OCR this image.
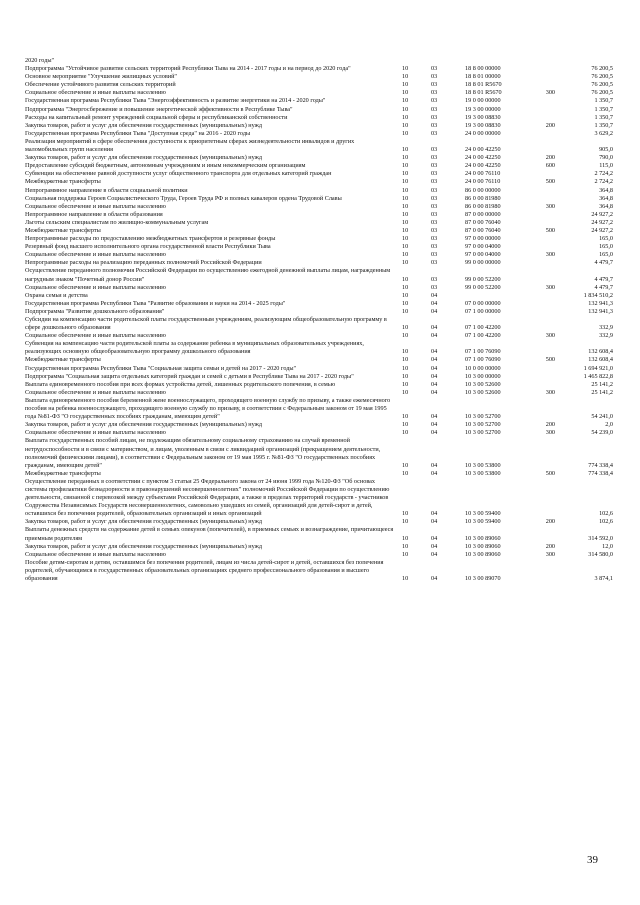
2020 годы"
Подпрограмма "Устойчивое развитие сельских территорий Республики Тыва на 2014 - 2017 годы и на период до 2020 года"	10	03	18 8 00 00000	76 200,5
Основное мероприятие "Улучшение жилищных условий"	10	03	18 8 01 00000	76 200,5
Обеспечение устойчивого развития сельских территорий	10	03	18 8 01 R5670	76 200,5
Социальное обеспечение и иные выплаты населению	10	03	18 8 01 R5670	300	76 200,5
Государственная программа Республики Тыва "Энергоэффективность и развитие энергетики на 2014 - 2020 годы"	10	03	19 0 00 00000	1 350,7
Подпрограмма "Энергосбережение и повышение энергетической эффективности в Республике Тыва"	10	03	19 3 00 00000	1 350,7
Расходы на капитальный ремонт учреждений социальной сферы и республиканской собственности	10	03	19 3 00 08830	1 350,7
Закупка товаров, работ и услуг для обеспечения государственных (муниципальных) нужд	10	03	19 3 00 08830	200	1 350,7
Государственная программа Республики Тыва "Доступная среда" на 2016 - 2020 годы	10	03	24 0 00 00000	3 629,2
Реализация мероприятий в сфере обеспечения доступности к приоритетным сферах жизнедеятельности инвалидов и других маломобильных групп населения	10	03	24 0 00 42250	905,0
Закупка товаров, работ и услуг для обеспечения государственных (муниципальных) нужд	10	03	24 0 00 42250	200	790,0
Предоставление субсидий бюджетным, автономным учреждениям и иным некоммерческим организациям	10	03	24 0 00 42250	600	115,0
Субвенции на обеспечение равной доступности услуг общественного транспорта для отдельных категорий граждан	10	03	24 0 00 76110	2 724,2
Межбюджетные трансферты	10	03	24 0 00 76110	500	2 724,2
Непрограммное направление в области социальной политики	10	03	86 0 00 00000	364,8
Социальная поддержка Героев Социалистического Труда, Героев Труда РФ и полных кавалеров ордена Трудовой Славы	10	03	86 0 00 81980	364,8
Социальное обеспечение и иные выплаты населению	10	03	86 0 00 81980	300	364,8
Непрограммное направление в области образования	10	03	87 0 00 00000	24 927,2
Льготы сельским специалистам по жилищно-коммунальным услугам	10	03	87 0 00 76040	24 927,2
Межбюджетные трансферты	10	03	87 0 00 76040	500	24 927,2
Непрограммные расходы по предоставлению межбюджетных трансфертов и резервные фонды	10	03	97 0 00 00000	165,0
Резервный фонд высшего исполнительного органа государственной власти Республики Тыва	10	03	97 0 00 04000	165,0
Социальное обеспечение и иные выплаты населению	10	03	97 0 00 04000	300	165,0
Непрограммные расходы на реализацию переданных полномочий Российской Федерации	10	03	99 0 00 00000	4 479,7
Осуществление переданного полномочия Российской Федерации по осуществлению ежегодной денежной выплаты лицам, награжденным нагрудным знаком "Почетный донор России"	10	03	99 0 00 52200	4 479,7
Социальное обеспечение и иные выплаты населению	10	03	99 0 00 52200	300	4 479,7
Охрана семьи и детства	10	04	1 834 510,2
Государственная программа Республики Тыва "Развитие образования и науки на 2014 - 2025 годы"	10	04	07 0 00 00000	132 941,3
Подпрограмма "Развитие дошкольного образования"	10	04	07 1 00 00000	132 941,3
Субсидии на компенсацию части родительской платы государственным учреждениям, реализующим общеобразовательную программу в сфере дошкольного образования	10	04	07 1 00 42200	332,9
Социальное обеспечение и иные выплаты населению	10	04	07 1 00 42200	300	332,9
Субвенция на компенсацию части родительской платы за содержание ребенка в муниципальных образовательных учреждениях, реализующих основную общеобразовательную программу дошкольного образования	10	04	07 1 00 76090	132 608,4
Межбюджетные трансферты	10	04	07 1 00 76090	500	132 608,4
Государственная программа Республики Тыва "Социальная защита семьи и детей на 2017 - 2020 годы"	10	04	10 0 00 00000	1 694 921,0
Подпрограмма "Социальная защита отдельных категорий граждан и семей с детьми в Республике Тыва на 2017 - 2020 годы"	10	04	10 3 00 00000	1 465 822,8
Выплата единовременного пособия при всех формах устройства детей, лишенных родительского попечения, в семью	10	04	10 3 00 52600	25 141,2
Социальное обеспечение и иные выплаты населению	10	04	10 3 00 52600	300	25 141,2
Выплата единовременного пособия беременной жене военнослужащего, проходящего военную службу по призыву, а также ежемесячного пособия на ребенка военнослужащего, проходящего военную службу по призыву, в соответствии с Федеральным законом от 19 мая 1995 года №81-ФЗ "О государственных пособиях гражданам, имеющим детей"	10	04	10 3 00 52700	54 241,0
Закупка товаров, работ и услуг для обеспечения государственных (муниципальных) нужд	10	04	10 3 00 52700	200	2,0
Социальное обеспечение и иные выплаты населению	10	04	10 3 00 52700	300	54 239,0
Выплата государственных пособий лицам, не подлежащим обязательному социальному страхованию на случай временной нетрудоспособности и в связи с материнством, и лицам, уволенным в связи с ликвидацией организаций (прекращением деятельности, полномочий физическими лицами), в соответствии с Федеральным законом от 19 мая 1995 г. №81-ФЗ "О государственных пособиях гражданам, имеющим детей"	10	04	10 3 00 53800	774 338,4
Межбюджетные трансферты	10	04	10 3 00 53800	500	774 338,4
Осуществление переданных в соответствии с пунктом 3 статьи 25 Федерального закона от 24 июня 1999 года №120-ФЗ "Об основах системы профилактики безнадзорности и правонарушений несовершеннолетних" полномочий Российской Федерации по осуществлению деятельности, связанной с перевозкой между субъектами Российской Федерации, а также в пределах территорий государств - участников Содружества Независимых Государств несовершеннолетних, самовольно ушедших из семей, организаций для детей-сирот и детей, оставшихся без попечения родителей, образовательных организаций и иных организаций	10	04	10 3 00 59400	102,6
Закупка товаров, работ и услуг для обеспечения государственных (муниципальных) нужд	10	04	10 3 00 59400	200	102,6
Выплаты денежных средств на содержание детей в семьях опекунов (попечителей), в приемных семьях и вознаграждение, причитающееся приемным родителям	10	04	10 3 00 89060	314 592,0
Закупка товаров, работ и услуг для обеспечения государственных (муниципальных) нужд	10	04	10 3 00 89060	200	12,0
Социальное обеспечение и иные выплаты населению	10	04	10 3 00 89060	300	314 580,0
Пособие детям-сиротам и детям, оставшимся без попечения родителей, лицам из числа детей-сирот и детей, оставшихся без попечения родителей, обучающимся в государственных образовательных организациях среднего профессионального образования и высшего образования	10	04	10 3 00 89070	3 874,1
39
